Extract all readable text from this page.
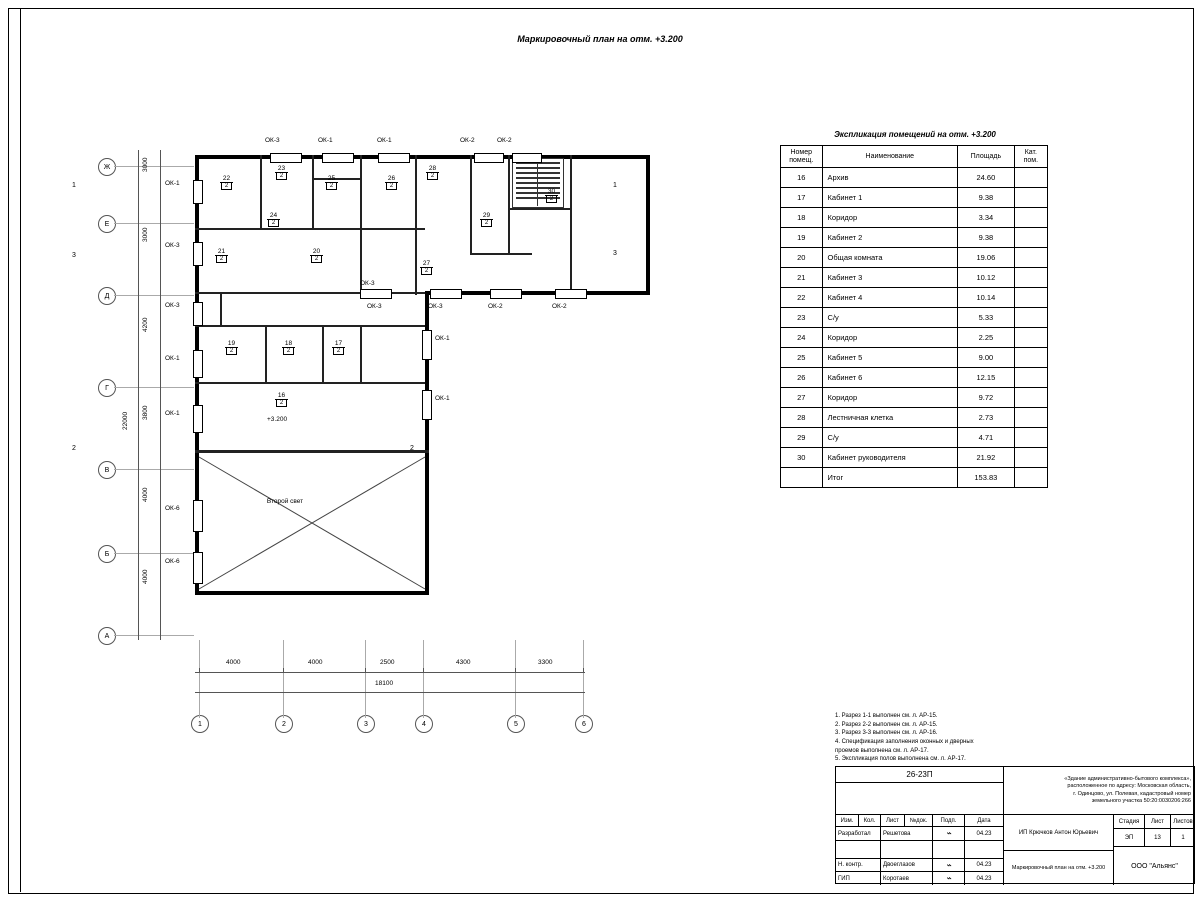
Маркировочный план на отм. +3.200
Ж
Е
Д
Г
В
Б
А
1	2	3	4	5	6
3000
3000
4200
3800
4000
4000
22000
4000	4000	2500	4300	3300
18100
ОК-3	ОК-1	ОК-1	ОК-2	ОК-2
ОК-1
ОК-3
ОК-3
ОК-1
ОК-1
ОК-6
ОК-6
ОК-3	ОК-3
ОК-3
ОК-2	ОК-2
ОК-1
ОК-1
22
2
23
2	25
2
26
2
28
2
24
2
29
2
30
2
21
2
20
2
27
2
19
2
18
2
17
2
16
2
+3.200
Второй свет
1	1
3	3
2	2
Экспликация помещений на отм. +3.200
Номер помещ.	Наименование	Площадь	Кат. пом.
16	Архив	24.60	
17	Кабинет 1	9.38	
18	Коридор	3.34	
19	Кабинет 2	9.38	
20	Общая комната	19.06	
21	Кабинет 3	10.12	
22	Кабинет 4	10.14	
23	С/у	5.33	
24	Коридор	2.25	
25	Кабинет 5	9.00	
26	Кабинет 6	12.15	
27	Коридор	9.72	
28	Лестничная клетка	2.73	
29	С/у	4.71	
30	Кабинет руководителя	21.92	
	Итог	153.83	
1. Разрез 1-1 выполнен см. л. АР-15.
2. Разрез 2-2 выполнен см. л. АР-15.
3. Разрез 3-3 выполнен см. л. АР-16.
4. Спецификация заполнения оконных и дверных
проемов выполнена см. л. АР-17.
5. Экспликация полов выполнена см. л. АР-17.
26-23П	«Здание административно-бытового комплекса»,
расположенное по адресу: Московская область,
г. Одинцово, ул. Полевая, кадастровый номер
земельного участка 50:20:0030206:266
Изм.	Кол.	Лист	№док.	Подп.	Дата
ИП Крючков Антон Юрьевич
Маркировочный план на отм. +3.200
Стадия	Лист	Листов
ЭП	13	1
ООО "Альянс"
Разработал	Решетова	⌁	04.23
Н. контр.	Двоеглазов	⌁	04.23
ГИП	Коротаев	⌁	04.23
